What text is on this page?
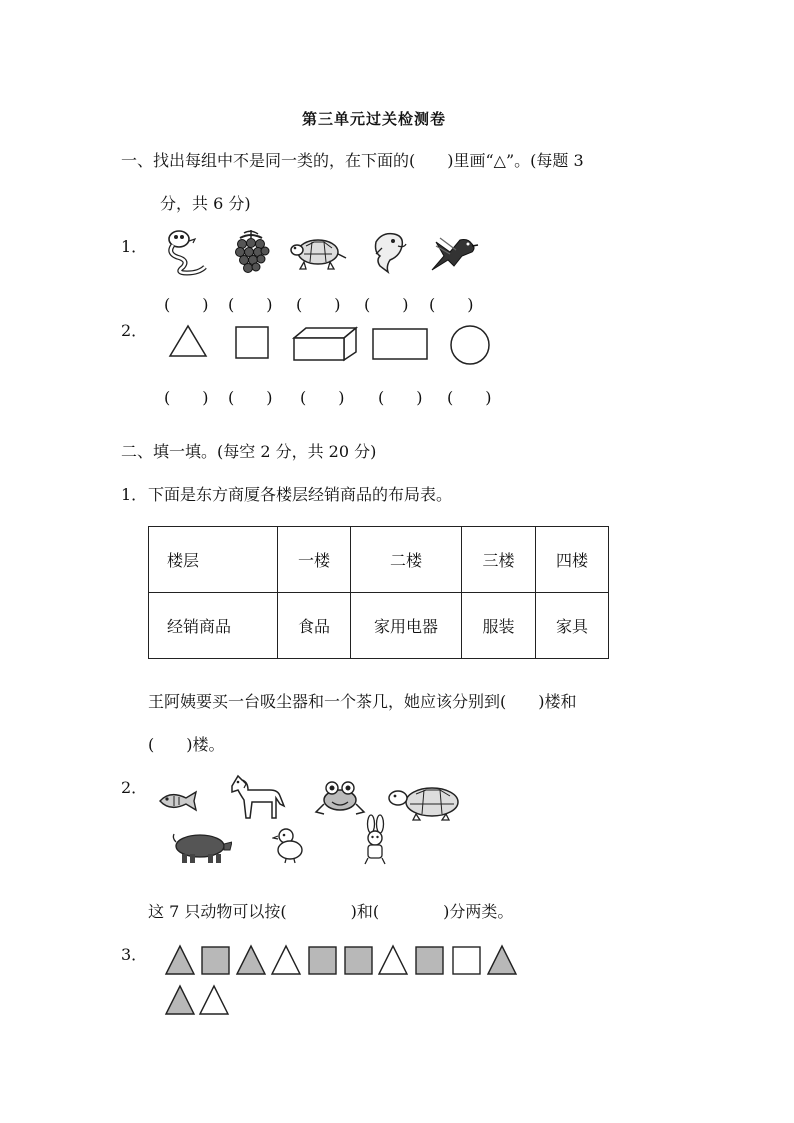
第三单元过关检测卷
一、找出每组中不是同一类的，在下面的(　　)里画“△”。(每题 3
分，共 6 分)
1．
(　　) (　　) (　　) (　　) (　　)
2．
(　　) (　　) (　　) (　　) (　　)
二、填一填。(每空 2 分，共 20 分)
1． 下面是东方商厦各楼层经销商品的布局表。
楼层	一楼	二楼	三楼	四楼
经销商品	食品	家用电器	服装	家具
王阿姨要买一台吸尘器和一个茶几，她应该分别到(　　)楼和
(　　)楼。
2．
这 7 只动物可以按(　　　　)和(　　　　)分两类。
3．
